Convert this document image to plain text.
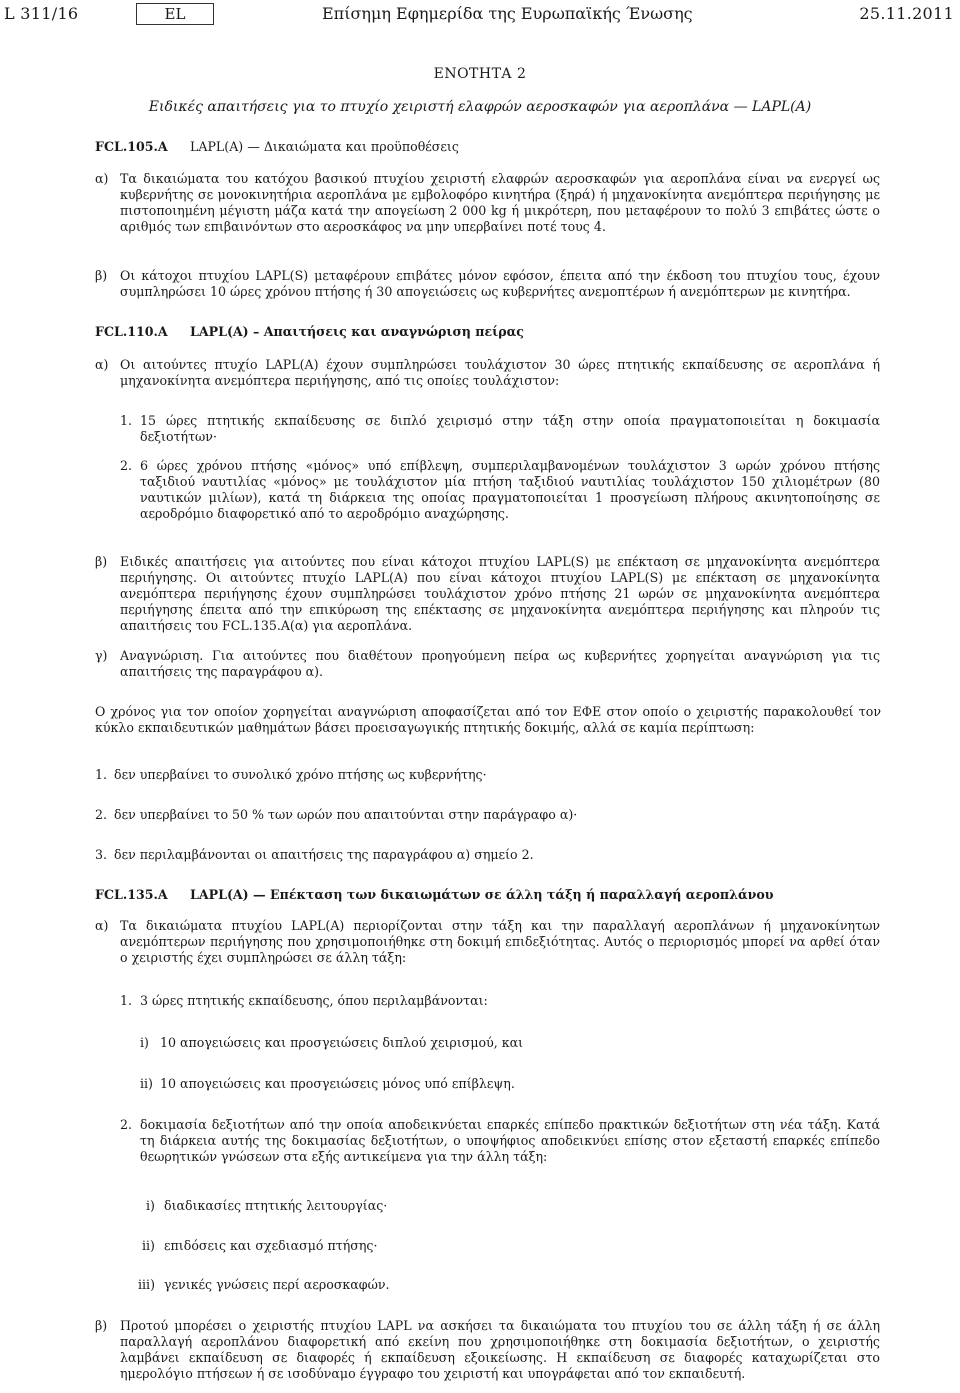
L 311/16	EL	Επίσημη Εφημερίδα της Ευρωπαϊκής Ένωσης	25.11.2011
ΕΝΟΤΗΤΑ 2
Ειδικές απαιτήσεις για το πτυχίο χειριστή ελαφρών αεροσκαφών για αεροπλάνα — LAPL(A)
FCL.105.A LAPL(A) — Δικαιώματα και προϋποθέσεις
α) Τα δικαιώματα του κατόχου βασικού πτυχίου χειριστή ελαφρών αεροσκαφών για αεροπλάνα είναι να ενεργεί ως κυβερνήτης σε μονοκινητήρια αεροπλάνα με εμβολοφόρο κινητήρα (ξηρά) ή μηχανοκίνητα ανεμόπτερα περιήγησης με πιστοποιημένη μέγιστη μάζα κατά την απογείωση 2 000 kg ή μικρότερη, που μεταφέρουν το πολύ 3 επιβάτες ώστε ο αριθμός των επιβαινόντων στο αεροσκάφος να μην υπερβαίνει ποτέ τους 4.
β) Οι κάτοχοι πτυχίου LAPL(S) μεταφέρουν επιβάτες μόνον εφόσον, έπειτα από την έκδοση του πτυχίου τους, έχουν συμπληρώσει 10 ώρες χρόνου πτήσης ή 30 απογειώσεις ως κυβερνήτες ανεμοπτέρων ή ανεμόπτερων με κινητήρα.
FCL.110.A LAPL(A) – Απαιτήσεις και αναγνώριση πείρας
α) Οι αιτούντες πτυχίο LAPL(A) έχουν συμπληρώσει τουλάχιστον 30 ώρες πτητικής εκπαίδευσης σε αεροπλάνα ή μηχανοκίνητα ανεμόπτερα περιήγησης, από τις οποίες τουλάχιστον:
1. 15 ώρες πτητικής εκπαίδευσης σε διπλό χειρισμό στην τάξη στην οποία πραγματοποιείται η δοκιμασία δεξιοτήτων·
2. 6 ώρες χρόνου πτήσης «μόνος» υπό επίβλεψη, συμπεριλαμβανομένων τουλάχιστον 3 ωρών χρόνου πτήσης ταξιδιού ναυτιλίας «μόνος» με τουλάχιστον μία πτήση ταξιδιού ναυτιλίας τουλάχιστον 150 χιλιομέτρων (80 ναυτικών μιλίων), κατά τη διάρκεια της οποίας πραγματοποιείται 1 προσγείωση πλήρους ακινητοποίησης σε αεροδρόμιο διαφορετικό από το αεροδρόμιο αναχώρησης.
β) Ειδικές απαιτήσεις για αιτούντες που είναι κάτοχοι πτυχίου LAPL(S) με επέκταση σε μηχανοκίνητα ανεμόπτερα περιήγησης. Οι αιτούντες πτυχίο LAPL(A) που είναι κάτοχοι πτυχίου LAPL(S) με επέκταση σε μηχανοκίνητα ανεμόπτερα περιήγησης έχουν συμπληρώσει τουλάχιστον χρόνο πτήσης 21 ωρών σε μηχανοκίνητα ανεμόπτερα περιήγησης έπειτα από την επικύρωση της επέκτασης σε μηχανοκίνητα ανεμόπτερα περιήγησης και πληρούν τις απαιτήσεις του FCL.135.A(α) για αεροπλάνα.
γ) Αναγνώριση. Για αιτούντες που διαθέτουν προηγούμενη πείρα ως κυβερνήτες χορηγείται αναγνώριση για τις απαιτήσεις της παραγράφου α).
Ο χρόνος για τον οποίον χορηγείται αναγνώριση αποφασίζεται από τον ΕΦΕ στον οποίο ο χειριστής παρακολουθεί τον κύκλο εκπαιδευτικών μαθημάτων βάσει προεισαγωγικής πτητικής δοκιμής, αλλά σε καμία περίπτωση:
1. δεν υπερβαίνει το συνολικό χρόνο πτήσης ως κυβερνήτης·
2. δεν υπερβαίνει το 50 % των ωρών που απαιτούνται στην παράγραφο α)·
3. δεν περιλαμβάνονται οι απαιτήσεις της παραγράφου α) σημείο 2.
FCL.135.A LAPL(A) — Επέκταση των δικαιωμάτων σε άλλη τάξη ή παραλλαγή αεροπλάνου
α) Τα δικαιώματα πτυχίου LAPL(A) περιορίζονται στην τάξη και την παραλλαγή αεροπλάνων ή μηχανοκίνητων ανεμόπτερων περιήγησης που χρησιμοποιήθηκε στη δοκιμή επιδεξιότητας. Αυτός ο περιορισμός μπορεί να αρθεί όταν ο χειριστής έχει συμπληρώσει σε άλλη τάξη:
1. 3 ώρες πτητικής εκπαίδευσης, όπου περιλαμβάνονται:
i) 10 απογειώσεις και προσγειώσεις διπλού χειρισμού, και
ii) 10 απογειώσεις και προσγειώσεις μόνος υπό επίβλεψη.
2. δοκιμασία δεξιοτήτων από την οποία αποδεικνύεται επαρκές επίπεδο πρακτικών δεξιοτήτων στη νέα τάξη. Κατά τη διάρκεια αυτής της δοκιμασίας δεξιοτήτων, ο υποψήφιος αποδεικνύει επίσης στον εξεταστή επαρκές επίπεδο θεωρητικών γνώσεων στα εξής αντικείμενα για την άλλη τάξη:
i) διαδικασίες πτητικής λειτουργίας·
ii) επιδόσεις και σχεδιασμό πτήσης·
iii) γενικές γνώσεις περί αεροσκαφών.
β) Προτού μπορέσει ο χειριστής πτυχίου LAPL να ασκήσει τα δικαιώματα του πτυχίου του σε άλλη τάξη ή σε άλλη παραλλαγή αεροπλάνου διαφορετική από εκείνη που χρησιμοποιήθηκε στη δοκιμασία δεξιοτήτων, ο χειριστής λαμβάνει εκπαίδευση σε διαφορές ή εκπαίδευση εξοικείωσης. Η εκπαίδευση σε διαφορές καταχωρίζεται στο ημερολόγιο πτήσεων ή σε ισοδύναμο έγγραφο του χειριστή και υπογράφεται από τον εκπαιδευτή.
